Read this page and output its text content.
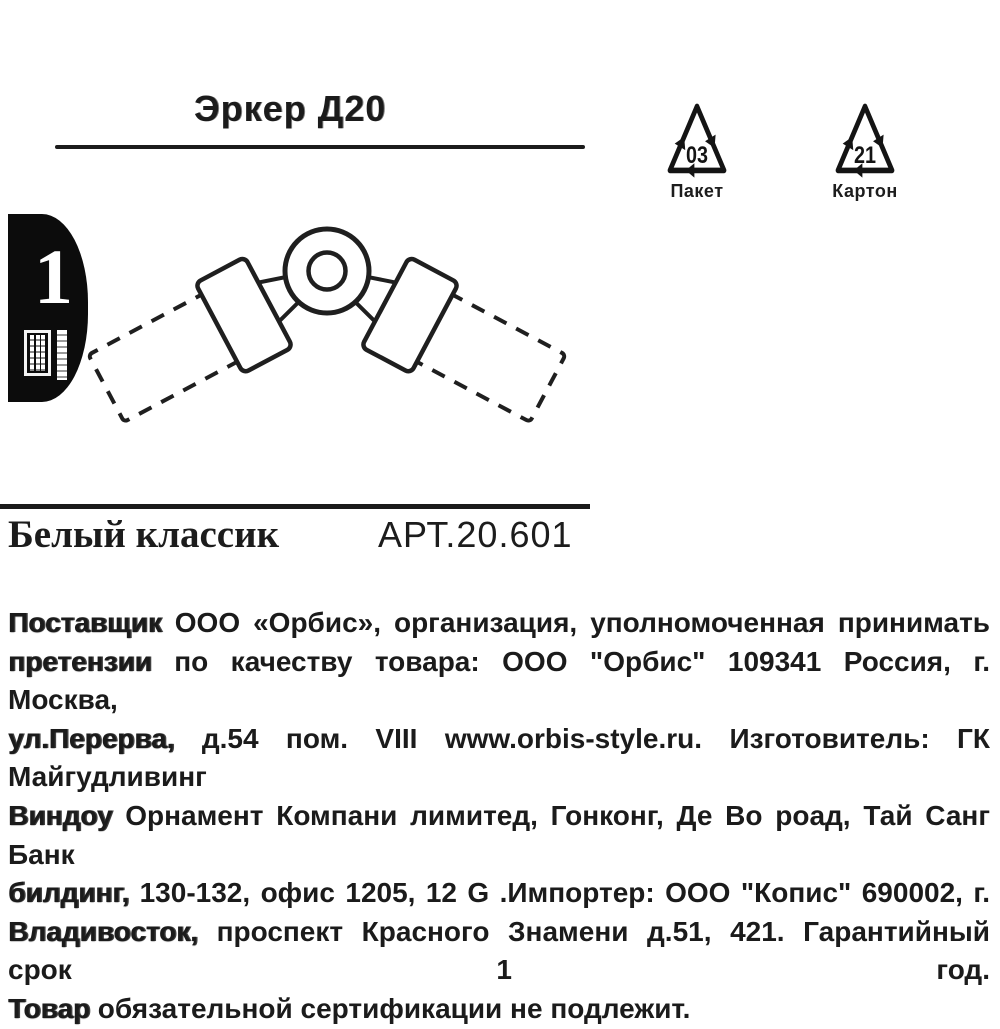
Эркер Д20
03
Пакет
21
Картон
1
Белый классик	АРТ.20.601
Поставщик ООО «Орбис», организация, уполномоченная принимать
претензии по качеству товара: ООО "Орбис" 109341 Россия, г. Москва,
ул.Перерва, д.54 пом. VIII www.orbis-style.ru. Изготовитель: ГК Майгудливинг
Виндоу Орнамент Компани лимитед, Гонконг, Де Во роад, Тай Санг Банк
билдинг, 130-132, офис 1205, 12 G .Импортер: ООО "Копис" 690002, г.
Владивосток, проспект Красного Знамени д.51, 421. Гарантийный срок 1 год.
Товар обязательной сертификации не подлежит.
